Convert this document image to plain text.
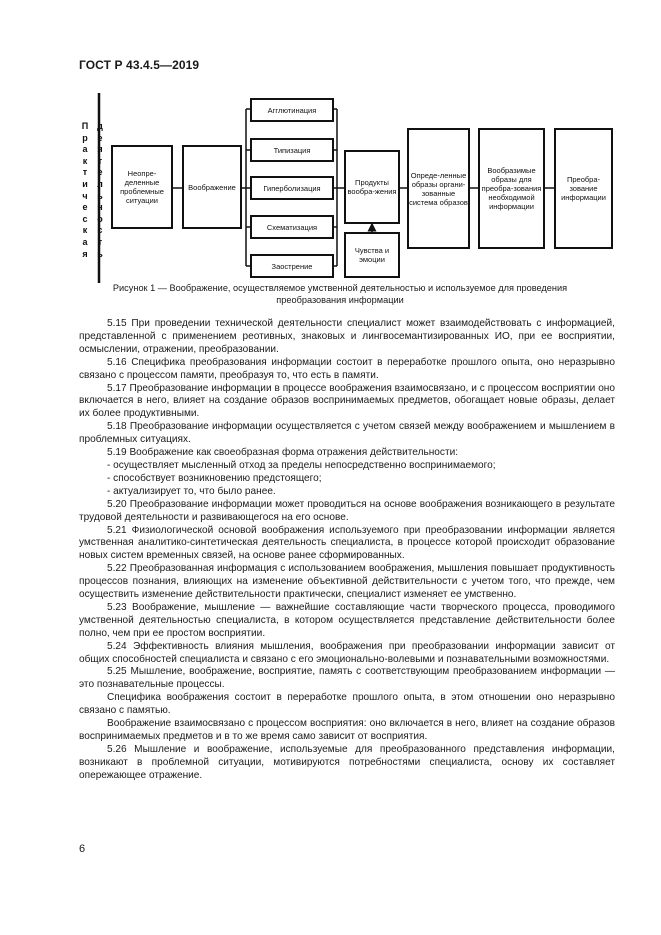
ГОСТ Р 43.4.5—2019
П
р
а
к
т
и
ч
е
с
к
а
я
д
е
я
т
е
л
ь
н
о
с
т
ь
Неопре-деленные проблемные ситуации
Воображение
Агглютинация
Типизация
Гиперболизация
Схематизация
Заострение
Продукты вообра-жения
Чувства и эмоции
Опреде-ленные образы органи-зованные система образов
Вообразимые образы для преобра-зования необходимой информации
Преобра-зование информации
Рисунок 1 — Воображение, осуществляемое умственной деятельностью и используемое для проведения
преобразования информации

5.15 При проведении технической деятельности специалист может взаимодействовать с информацией, представленной с применением реотивных, знаковых и лингвосемантизированных ИО, при ее восприятии, осмыслении, отражении, преобразовании.

5.16 Специфика преобразования информации состоит в переработке прошлого опыта, оно неразрывно связано с процессом памяти, преобразуя то, что есть в памяти.

5.17 Преобразование информации в процессе воображения взаимосвязано, и с процессом восприятии оно включается в него, влияет на создание образов воспринимаемых предметов, обогащает новые образы, делает их более продуктивными.

5.18 Преобразование информации осуществляется с учетом связей между воображением и мышлением в проблемных ситуациях.

5.19 Воображение как своеобразная форма отражения действительности:

- осуществляет мысленный отход за пределы непосредственно воспринимаемого;

- способствует возникновению предстоящего;

- актуализирует то, что было ранее.

5.20 Преобразование информации может проводиться на основе воображения возникающего в результате трудовой деятельности и развивающегося на его основе.

5.21 Физиологической основой воображения используемого при преобразовании информации является умственная аналитико-синтетическая деятельность специалиста, в процессе которой происходит образование новых систем временных связей, на основе ранее сформированных.

5.22 Преобразованная информация с использованием воображения, мышления повышает продуктивность процессов познания, влияющих на изменение объективной действительности с учетом того, что прежде, чем осуществить изменение действительности практически, специалист изменяет ее умственно.

5.23 Воображение, мышление — важнейшие составляющие части творческого процесса, проводимого умственной деятельностью специалиста, в котором осуществляется представление действительности более полно, чем при ее простом восприятии.

5.24 Эффективность влияния мышления, воображения при преобразовании информации зависит от общих способностей специалиста и связано с его эмоционально-волевыми и познавательными возможностями.

5.25 Мышление, воображение, восприятие, память с соответствующим преобразованием информации — это познавательные процессы.

Специфика воображения состоит в переработке прошлого опыта, в этом отношении оно неразрывно связано с памятью.

Воображение взаимосвязано с процессом восприятия: оно включается в него, влияет на создание образов воспринимаемых предметов и в то же время само зависит от восприятия.

5.26 Мышление и воображение, используемые для преобразованного представления информации, возникают в проблемной ситуации, мотивируются потребностями специалиста, основу их составляет опережающее отражение.

6
